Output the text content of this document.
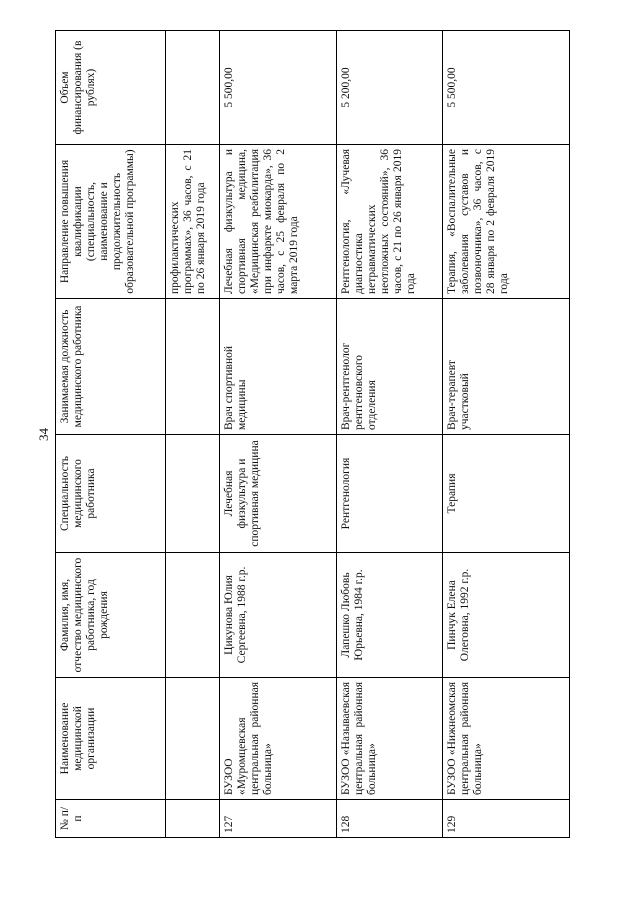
34
№ п/п	Наименование медицинской организации	Фамилия, имя, отчество медицинского работника, год рождения	Специальность медицинского работника	Занимаемая должность медицинского работника	Направление повышения квалификации (специальность, наименование и продолжительность образовательной программы)	Объем финансирования (в рублях)
					профилактических программах», 36 часов, с 21 по 26 января 2019 года	
127	БУЗОО «Муромцевская центральная районная больница»	Цикунова Юлия Сергеевна, 1988 г.р.	Лечебная физкультура и спортивная медицина	Врач спортивной медицины	Лечебная физкультура и спортивная медицина, «Медицинская реабилитация при инфаркте миокарда», 36 часов, с 25 февраля по 2 марта 2019 года	5 500,00
128	БУЗОО «Называевская центральная районная больница»	Лапешко Любовь Юрьевна, 1984 г.р.	Рентгенология	Врач-рентгенолог рентгеновского отделения	Рентгенология, «Лучевая диагностика нетравматических неотложных состояний», 36 часов, с 21 по 26 января 2019 года	5 200,00
129	БУЗОО «Нижнеомская центральная районная больница»	Пинчук Елена Олеговна, 1992 г.р.	Терапия	Врач-терапевт участковый	Терапия, «Воспалительные заболевания суставов и позвоночника», 36 часов, с 28 января по 2 февраля 2019 года	5 500,00
